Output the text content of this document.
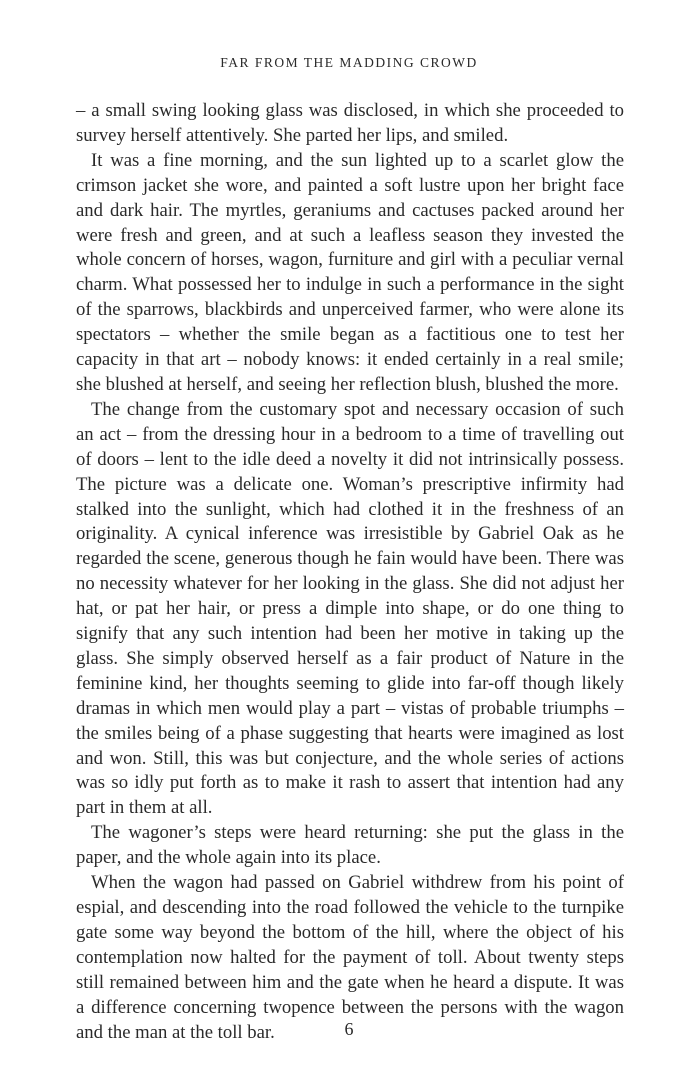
FAR FROM THE MADDING CROWD

– a small swing looking glass was disclosed, in which she proceeded to survey herself attentively. She parted her lips, and smiled.

It was a fine morning, and the sun lighted up to a scarlet glow the crimson jacket she wore, and painted a soft lustre upon her bright face and dark hair. The myrtles, geraniums and cactuses packed around her were fresh and green, and at such a leafless season they invested the whole concern of horses, wagon, furniture and girl with a peculiar vernal charm. What possessed her to indulge in such a performance in the sight of the sparrows, blackbirds and unperceived farmer, who were alone its spectators – whether the smile began as a factitious one to test her capacity in that art – nobody knows: it ended certainly in a real smile; she blushed at herself, and seeing her reflection blush, blushed the more.

The change from the customary spot and necessary occasion of such an act – from the dressing hour in a bedroom to a time of travelling out of doors – lent to the idle deed a novelty it did not intrinsically possess. The picture was a delicate one. Woman’s prescriptive infirmity had stalked into the sunlight, which had clothed it in the freshness of an originality. A cynical inference was irresistible by Gabriel Oak as he regarded the scene, generous though he fain would have been. There was no necessity whatever for her looking in the glass. She did not adjust her hat, or pat her hair, or press a dimple into shape, or do one thing to signify that any such intention had been her motive in taking up the glass. She simply observed herself as a fair product of Nature in the feminine kind, her thoughts seeming to glide into far-off though likely dramas in which men would play a part – vistas of probable triumphs – the smiles being of a phase suggesting that hearts were imagined as lost and won. Still, this was but conjecture, and the whole series of actions was so idly put forth as to make it rash to assert that intention had any part in them at all.

The wagoner’s steps were heard returning: she put the glass in the paper, and the whole again into its place.

When the wagon had passed on Gabriel withdrew from his point of espial, and descending into the road followed the vehicle to the turnpike gate some way beyond the bottom of the hill, where the object of his contemplation now halted for the payment of toll. About twenty steps still remained between him and the gate when he heard a dispute. It was a difference concerning twopence between the persons with the wagon and the man at the toll bar.	6
